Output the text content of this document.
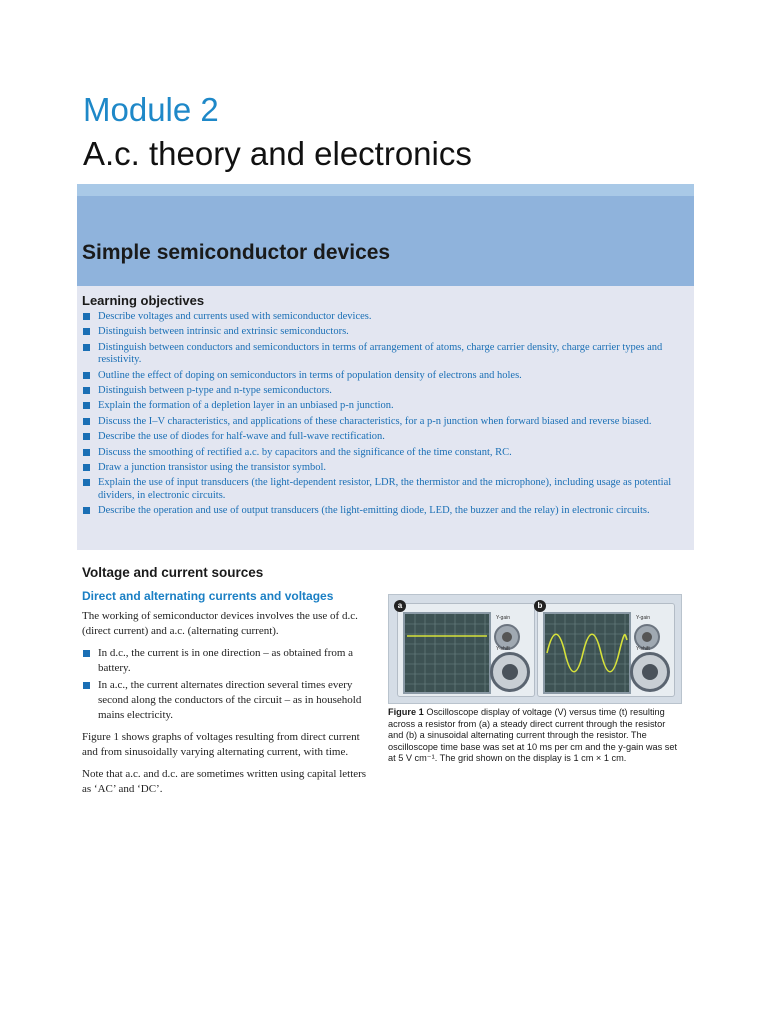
Module 2
A.c. theory and electronics
Simple semiconductor devices
Learning objectives
Describe voltages and currents used with semiconductor devices.
Distinguish between intrinsic and extrinsic semiconductors.
Distinguish between conductors and semiconductors in terms of arrangement of atoms, charge carrier density, charge carrier types and resistivity.
Outline the effect of doping on semiconductors in terms of population density of electrons and holes.
Distinguish between p-type and n-type semiconductors.
Explain the formation of a depletion layer in an unbiased p-n junction.
Discuss the I–V characteristics, and applications of these characteristics, for a p-n junction when forward biased and reverse biased.
Describe the use of diodes for half-wave and full-wave rectification.
Discuss the smoothing of rectified a.c. by capacitors and the significance of the time constant, RC.
Draw a junction transistor using the transistor symbol.
Explain the use of input transducers (the light-dependent resistor, LDR, the thermistor and the microphone), including usage as potential dividers, in electronic circuits.
Describe the operation and use of output transducers (the light-emitting diode, LED, the buzzer and the relay) in electronic circuits.
Voltage and current sources
Direct and alternating currents and voltages

The working of semiconductor devices involves the use of d.c. (direct current) and a.c. (alternating current).

In d.c., the current is in one direction – as obtained from a battery.
In a.c., the current alternates direction several times every second along the conductors of the circuit – as in household mains electricity.

Figure 1 shows graphs of voltages resulting from direct current and from sinusoidally varying alternating current, with time.

Note that a.c. and d.c. are sometimes written using capital letters as ‘AC’ and ‘DC’.

a
Y-gain
Y-shift
b
Y-gain
Y-shift
Figure 1 Oscilloscope display of voltage (V) versus time (t) resulting across a resistor from (a) a steady direct current through the resistor and (b) a sinusoidal alternating current through the resistor. The oscilloscope time base was set at 10 ms per cm and the y-gain was set at 5 V cm⁻¹. The grid shown on the display is 1 cm × 1 cm.
